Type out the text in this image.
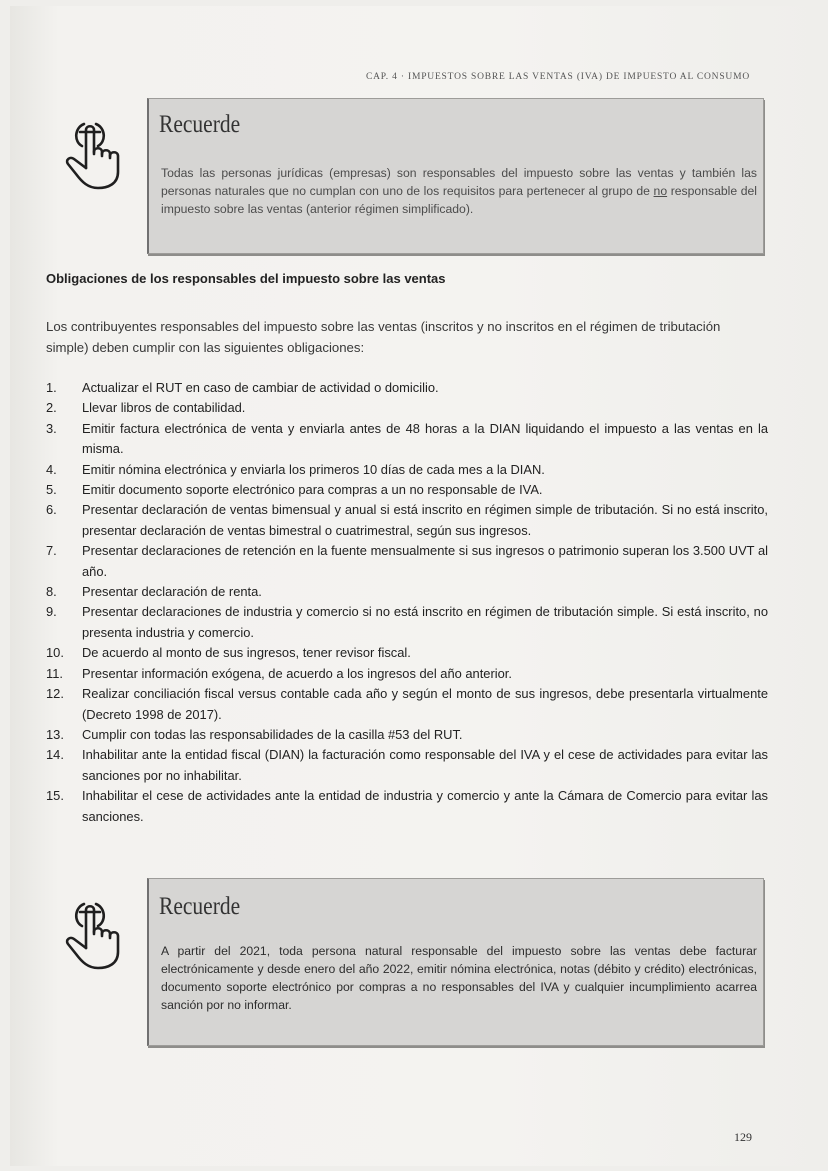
CAP. 4 · IMPUESTOS SOBRE LAS VENTAS (IVA) DE IMPUESTO AL CONSUMO
Recuerde
Todas las personas jurídicas (empresas) son responsables del impuesto sobre las ventas y también las personas naturales que no cumplan con uno de los requisitos para pertenecer al grupo de no responsable del impuesto sobre las ventas (anterior régimen simplificado).
Obligaciones de los responsables del impuesto sobre las ventas
Los contribuyentes responsables del impuesto sobre las ventas (inscritos y no inscritos en el régimen de tributación simple) deben cumplir con las siguientes obligaciones:
1.	Actualizar el RUT en caso de cambiar de actividad o domicilio.
2.	Llevar libros de contabilidad.
3.	Emitir factura electrónica de venta y enviarla antes de 48 horas a la DIAN liquidando el impuesto a las ventas en la misma.
4.	Emitir nómina electrónica y enviarla los primeros 10 días de cada mes a la DIAN.
5.	Emitir documento soporte electrónico para compras a un no responsable de IVA.
6.	Presentar declaración de ventas bimensual y anual si está inscrito en régimen simple de tributación. Si no está inscrito, presentar declaración de ventas bimestral o cuatrimestral, según sus ingresos.
7.	Presentar declaraciones de retención en la fuente mensualmente si sus ingresos o patrimonio superan los 3.500 UVT al año.
8.	Presentar declaración de renta.
9.	Presentar declaraciones de industria y comercio si no está inscrito en régimen de tributación simple. Si está inscrito, no presenta industria y comercio.
10.	De acuerdo al monto de sus ingresos, tener revisor fiscal.
11.	Presentar información exógena, de acuerdo a los ingresos del año anterior.
12.	Realizar conciliación fiscal versus contable cada año y según el monto de sus ingresos, debe presentarla virtualmente (Decreto 1998 de 2017).
13.	Cumplir con todas las responsabilidades de la casilla #53 del RUT.
14.	Inhabilitar ante la entidad fiscal (DIAN) la facturación como responsable del IVA y el cese de actividades para evitar las sanciones por no inhabilitar.
15.	Inhabilitar el cese de actividades ante la entidad de industria y comercio y ante la Cámara de Comercio para evitar las sanciones.
Recuerde
A partir del 2021, toda persona natural responsable del impuesto sobre las ventas debe facturar electrónicamente y desde enero del año 2022, emitir nómina electrónica, notas (débito y crédito) electrónicas, documento soporte electrónico por compras a no responsables del IVA y cualquier incumplimiento acarrea sanción por no informar.
129
